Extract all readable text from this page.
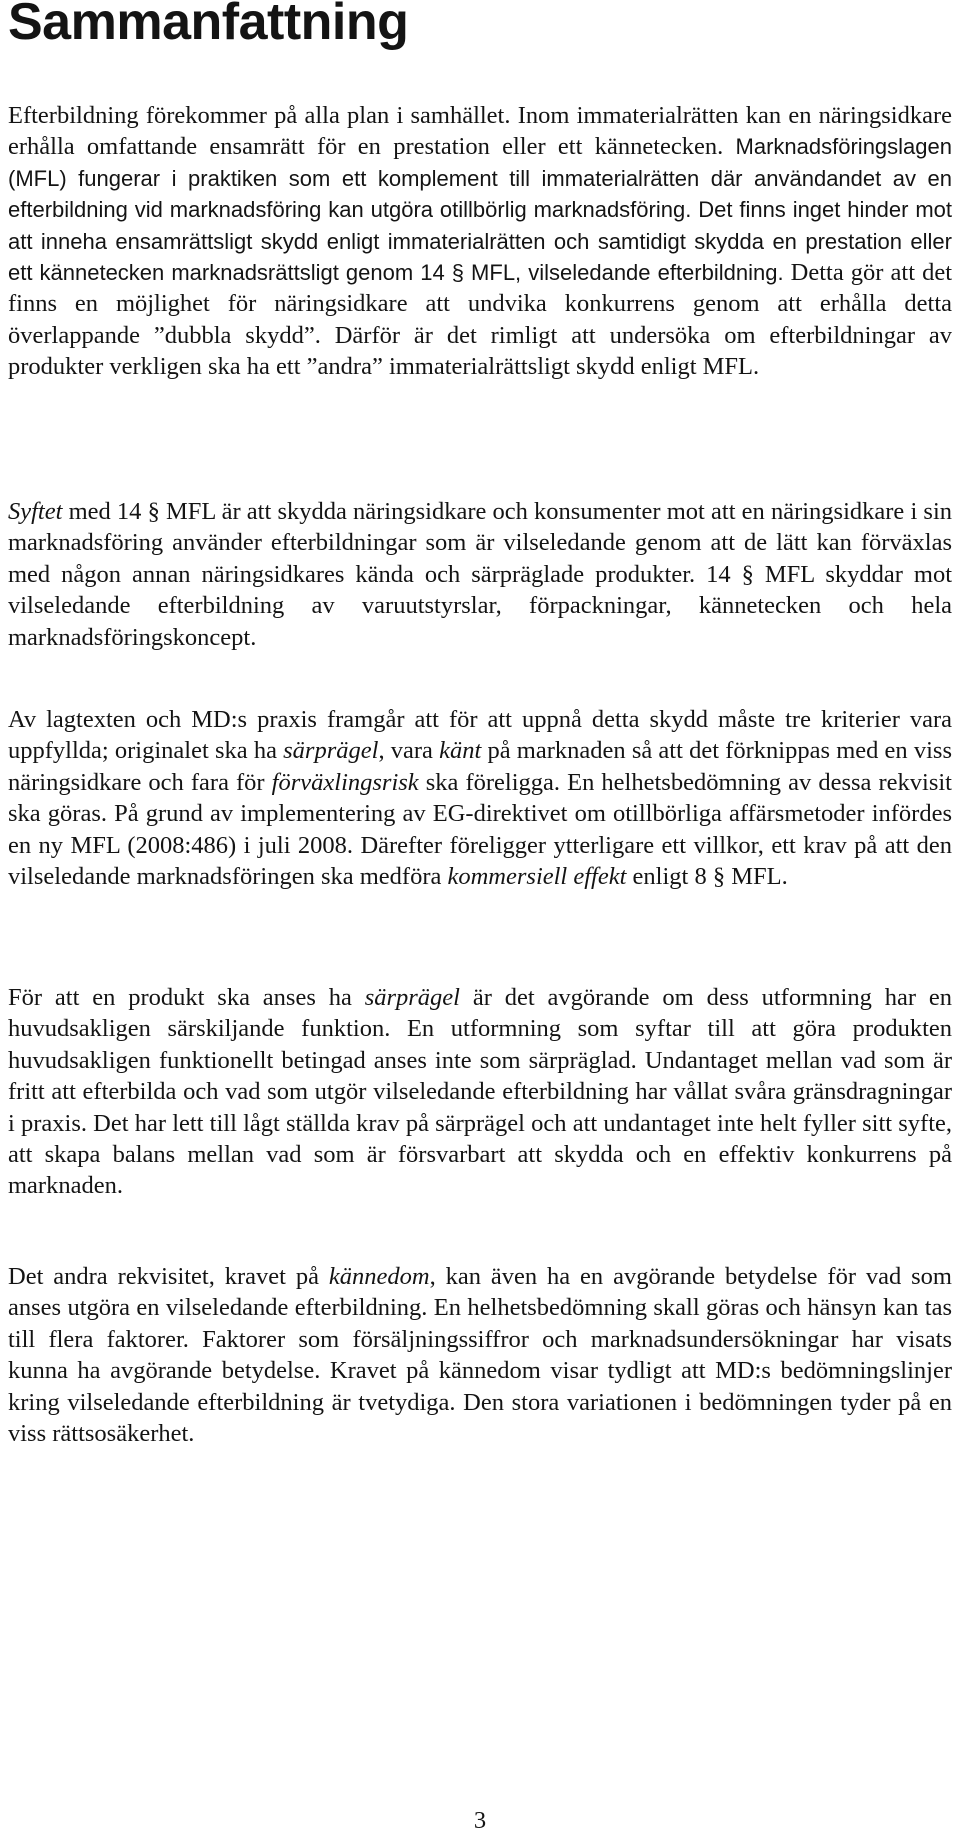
Sammanfattning

Efterbildning förekommer på alla plan i samhället. Inom immaterialrätten kan en näringsidkare erhålla omfattande ensamrätt för en prestation eller ett kännetecken. Marknadsföringslagen (MFL) fungerar i praktiken som ett komplement till immaterialrätten där användandet av en efterbildning vid marknadsföring kan utgöra otillbörlig marknadsföring. Det finns inget hinder mot att inneha ensamrättsligt skydd enligt immaterialrätten och samtidigt skydda en prestation eller ett kännetecken marknadsrättsligt genom 14 § MFL, vilseledande efterbildning. Detta gör att det finns en möjlighet för näringsidkare att undvika konkurrens genom att erhålla detta överlappande ”dubbla skydd”. Därför är det rimligt att undersöka om efterbildningar av produkter verkligen ska ha ett ”andra” immaterialrättsligt skydd enligt MFL.

Syftet med 14 § MFL är att skydda näringsidkare och konsumenter mot att en näringsidkare i sin marknadsföring använder efterbildningar som är vilseledande genom att de lätt kan förväxlas med någon annan näringsidkares kända och särpräglade produkter. 14 § MFL skyddar mot vilseledande efterbildning av varuutstyrslar, förpackningar, kännetecken och hela marknadsföringskoncept.

Av lagtexten och MD:s praxis framgår att för att uppnå detta skydd måste tre kriterier vara uppfyllda; originalet ska ha särprägel, vara känt på marknaden så att det förknippas med en viss näringsidkare och fara för förväxlingsrisk ska föreligga. En helhetsbedömning av dessa rekvisit ska göras. På grund av implementering av EG-direktivet om otillbörliga affärsmetoder infördes en ny MFL (2008:486) i juli 2008. Därefter föreligger ytterligare ett villkor, ett krav på att den vilseledande marknadsföringen ska medföra kommersiell effekt enligt 8 § MFL.

För att en produkt ska anses ha särprägel är det avgörande om dess utformning har en huvudsakligen särskiljande funktion. En utformning som syftar till att göra produkten huvudsakligen funktionellt betingad anses inte som särpräglad. Undantaget mellan vad som är fritt att efterbilda och vad som utgör vilseledande efterbildning har vållat svåra gränsdragningar i praxis. Det har lett till lågt ställda krav på särprägel och att undantaget inte helt fyller sitt syfte, att skapa balans mellan vad som är försvarbart att skydda och en effektiv konkurrens på marknaden.

Det andra rekvisitet, kravet på kännedom, kan även ha en avgörande betydelse för vad som anses utgöra en vilseledande efterbildning. En helhetsbedömning skall göras och hänsyn kan tas till flera faktorer. Faktorer som försäljningssiffror och marknadsundersökningar har visats kunna ha avgörande betydelse. Kravet på kännedom visar tydligt att MD:s bedömningslinjer kring vilseledande efterbildning är tvetydiga. Den stora variationen i bedömningen tyder på en viss rättsosäkerhet.

3
